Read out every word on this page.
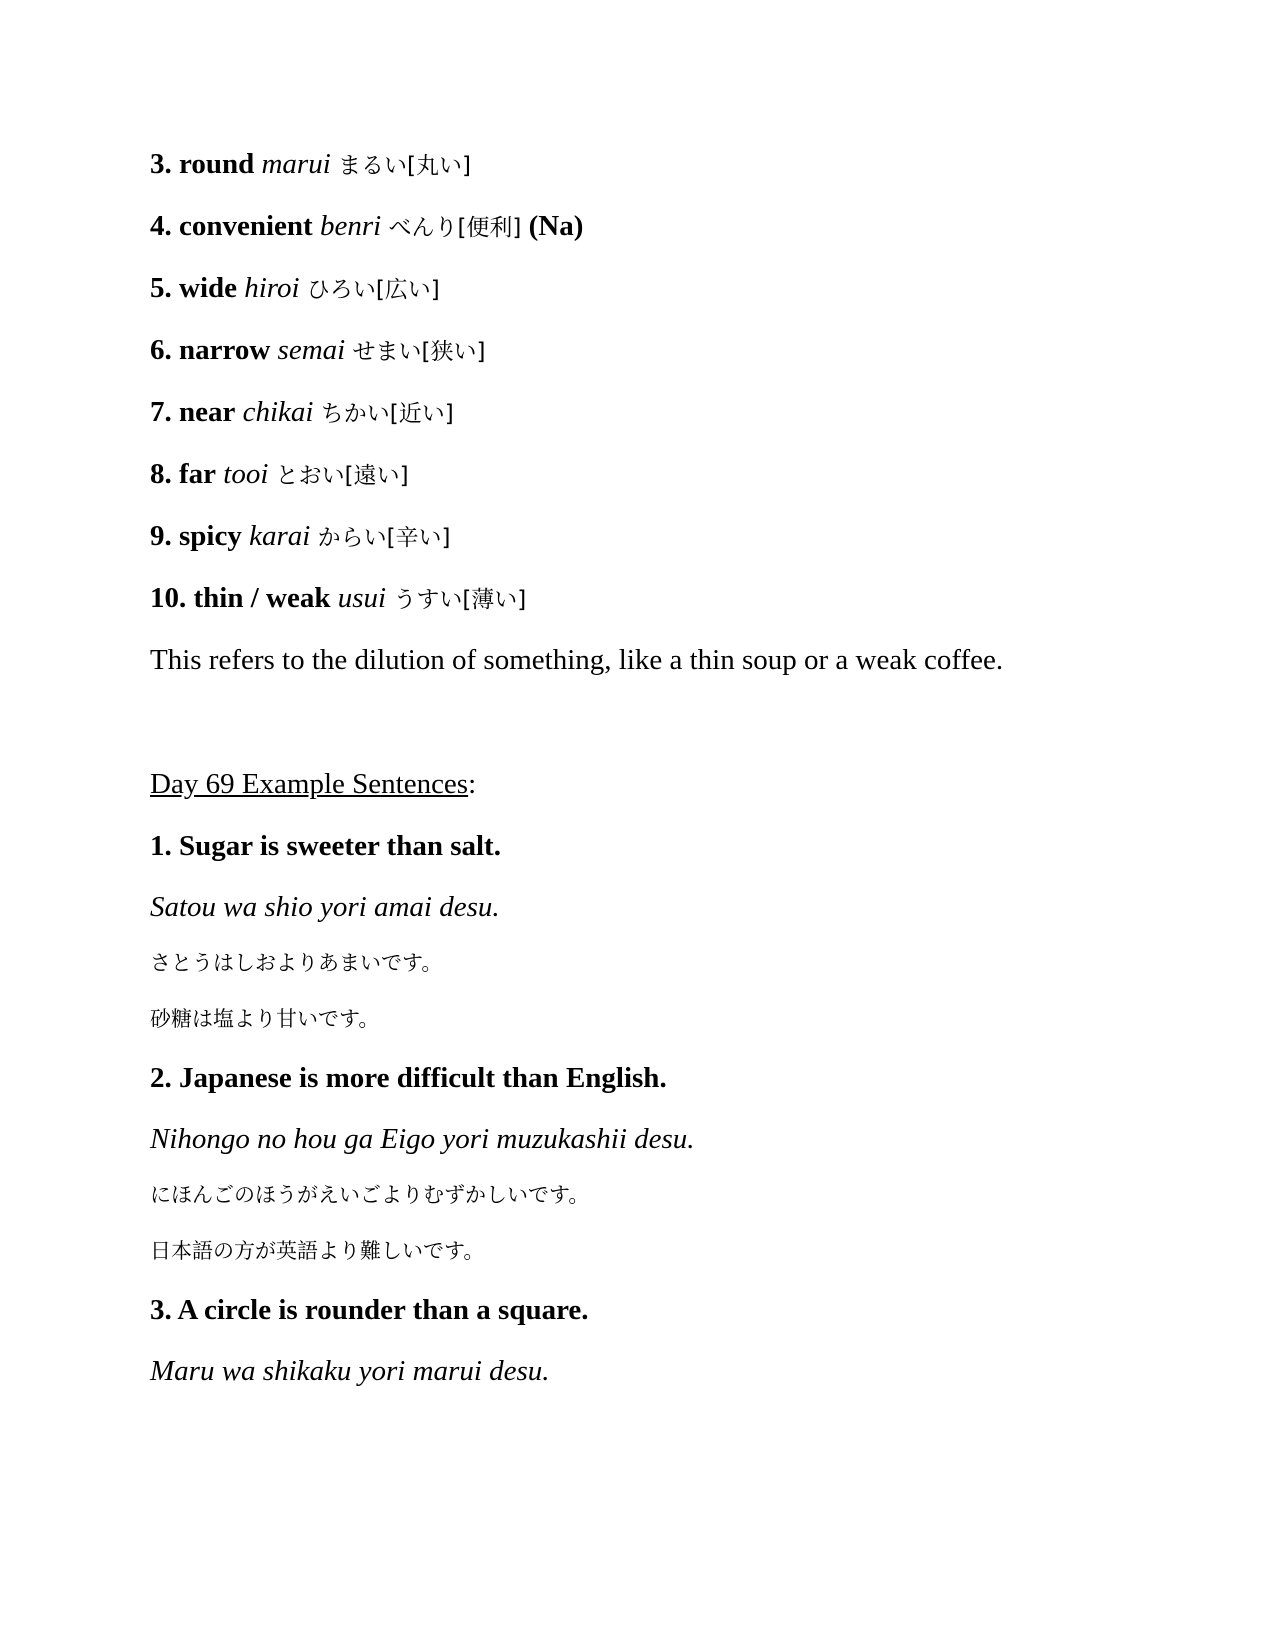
3. round marui まるい[丸い]
4. convenient benri べんり[便利] (Na)
5. wide hiroi ひろい[広い]
6. narrow semai せまい[狭い]
7. near chikai ちかい[近い]
8. far tooi とおい[遠い]
9. spicy karai からい[辛い]
10. thin / weak usui うすい[薄い]
This refers to the dilution of something, like a thin soup or a weak coffee.
Day 69 Example Sentences:
1. Sugar is sweeter than salt.
Satou wa shio yori amai desu.
さとうはしおよりあまいです。
砂糖は塩より甘いです。
2. Japanese is more difficult than English.
Nihongo no hou ga Eigo yori muzukashii desu.
にほんごのほうがえいごよりむずかしいです。
日本語の方が英語より難しいです。
3. A circle is rounder than a square.
Maru wa shikaku yori marui desu.
